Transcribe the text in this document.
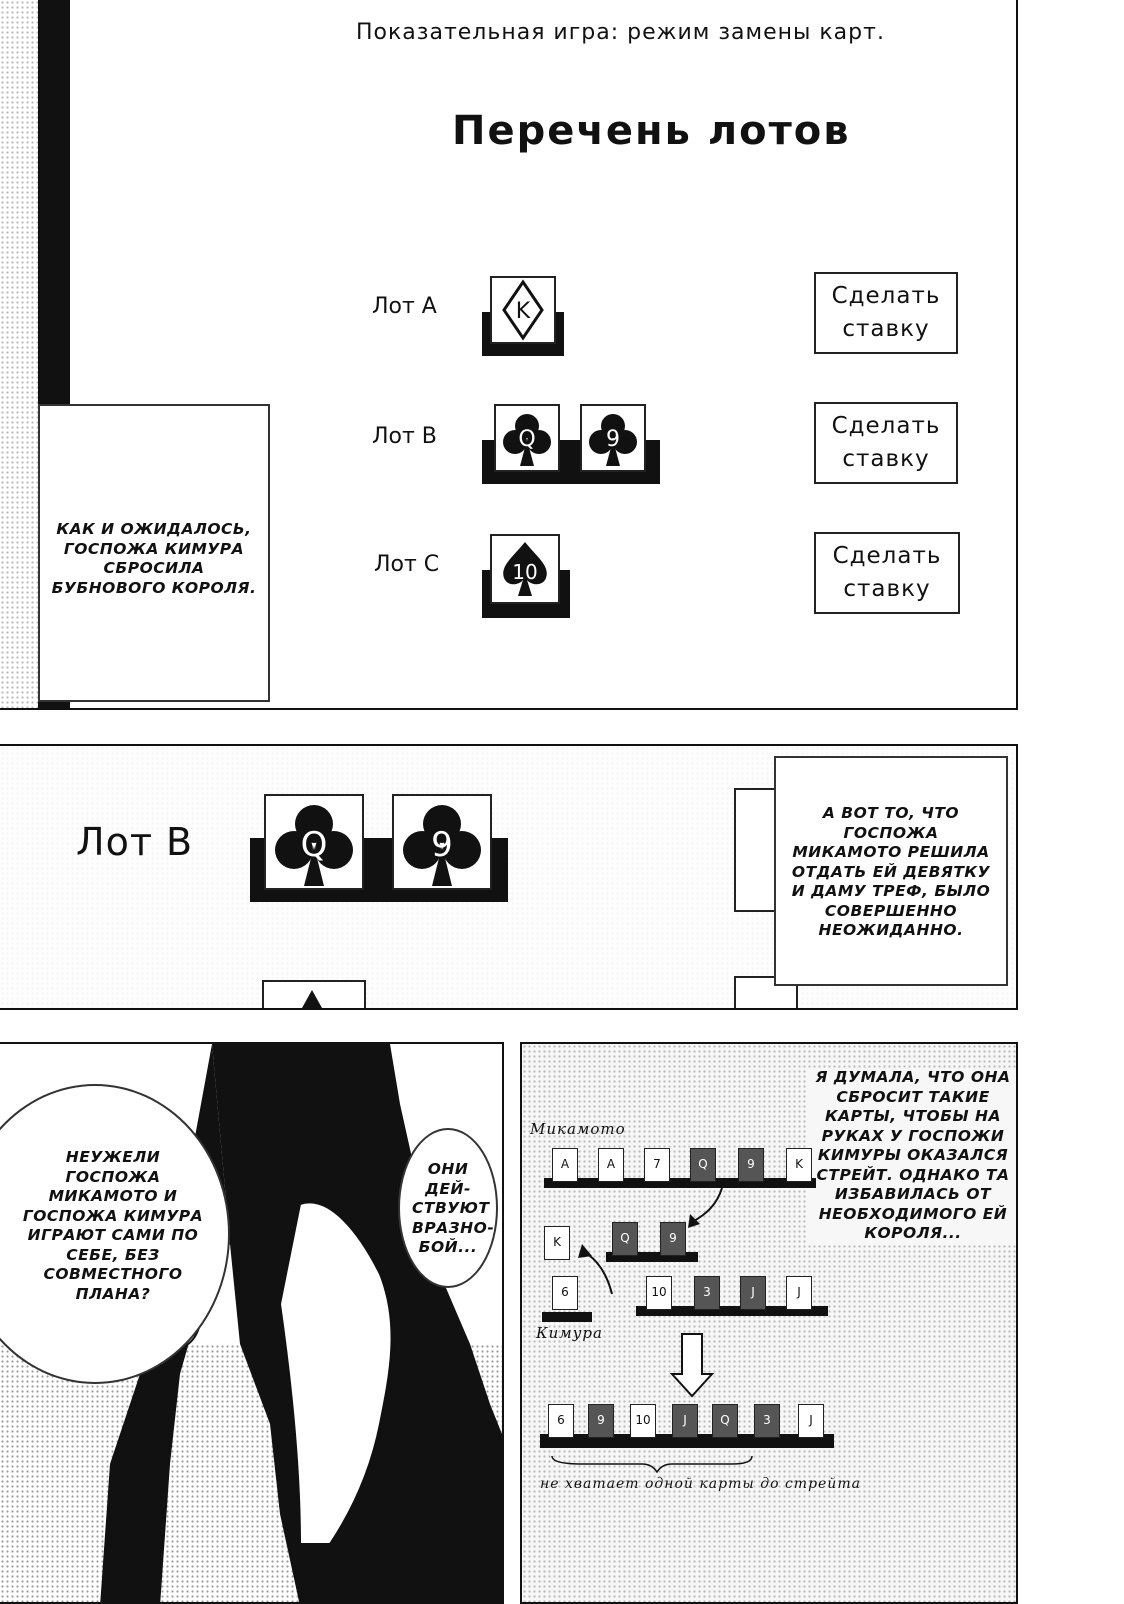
Показательная игра: режим замены карт.
Перечень лотов
Лот A	K
Сделать ставку
Лот B	Q	9
Сделать ставку
Лот C	10
Сделать ставку
КАК И ОЖИДАЛОСЬ, ГОСПОЖА КИМУРА СБРОСИЛА БУБНОВОГО КОРОЛЯ.
Q	9
А ВОТ ТО, ЧТО ГОСПОЖА МИКАМОТО РЕШИЛА ОТДАТЬ ЕЙ ДЕВЯТКУ И ДАМУ ТРЕФ, БЫЛО СОВЕРШЕННО НЕОЖИДАННО.
Лот B
НЕУЖЕЛИ ГОСПОЖА МИКАМОТО И ГОСПОЖА КИМУРА ИГРАЮТ САМИ ПО СЕБЕ, БЕЗ СОВМЕСТНОГО ПЛАНА?
ОНИ ДЕЙ-СТВУЮТ ВРАЗНО-БОЙ...
Я ДУМАЛА, ЧТО ОНА СБРОСИТ ТАКИЕ КАРТЫ, ЧТОБЫ НА РУКАХ У ГОСПОЖИ КИМУРЫ ОКАЗАЛСЯ СТРЕЙТ. ОДНАКО ТА ИЗБАВИЛАСЬ ОТ НЕОБХОДИМОГО ЕЙ КОРОЛЯ...
Микамото
A	A	7	Q	9	K
Q	9
K
6	10	3	J	J
Кимура
6	9	10	J	Q	3	J
не хватает одной карты до стрейта
